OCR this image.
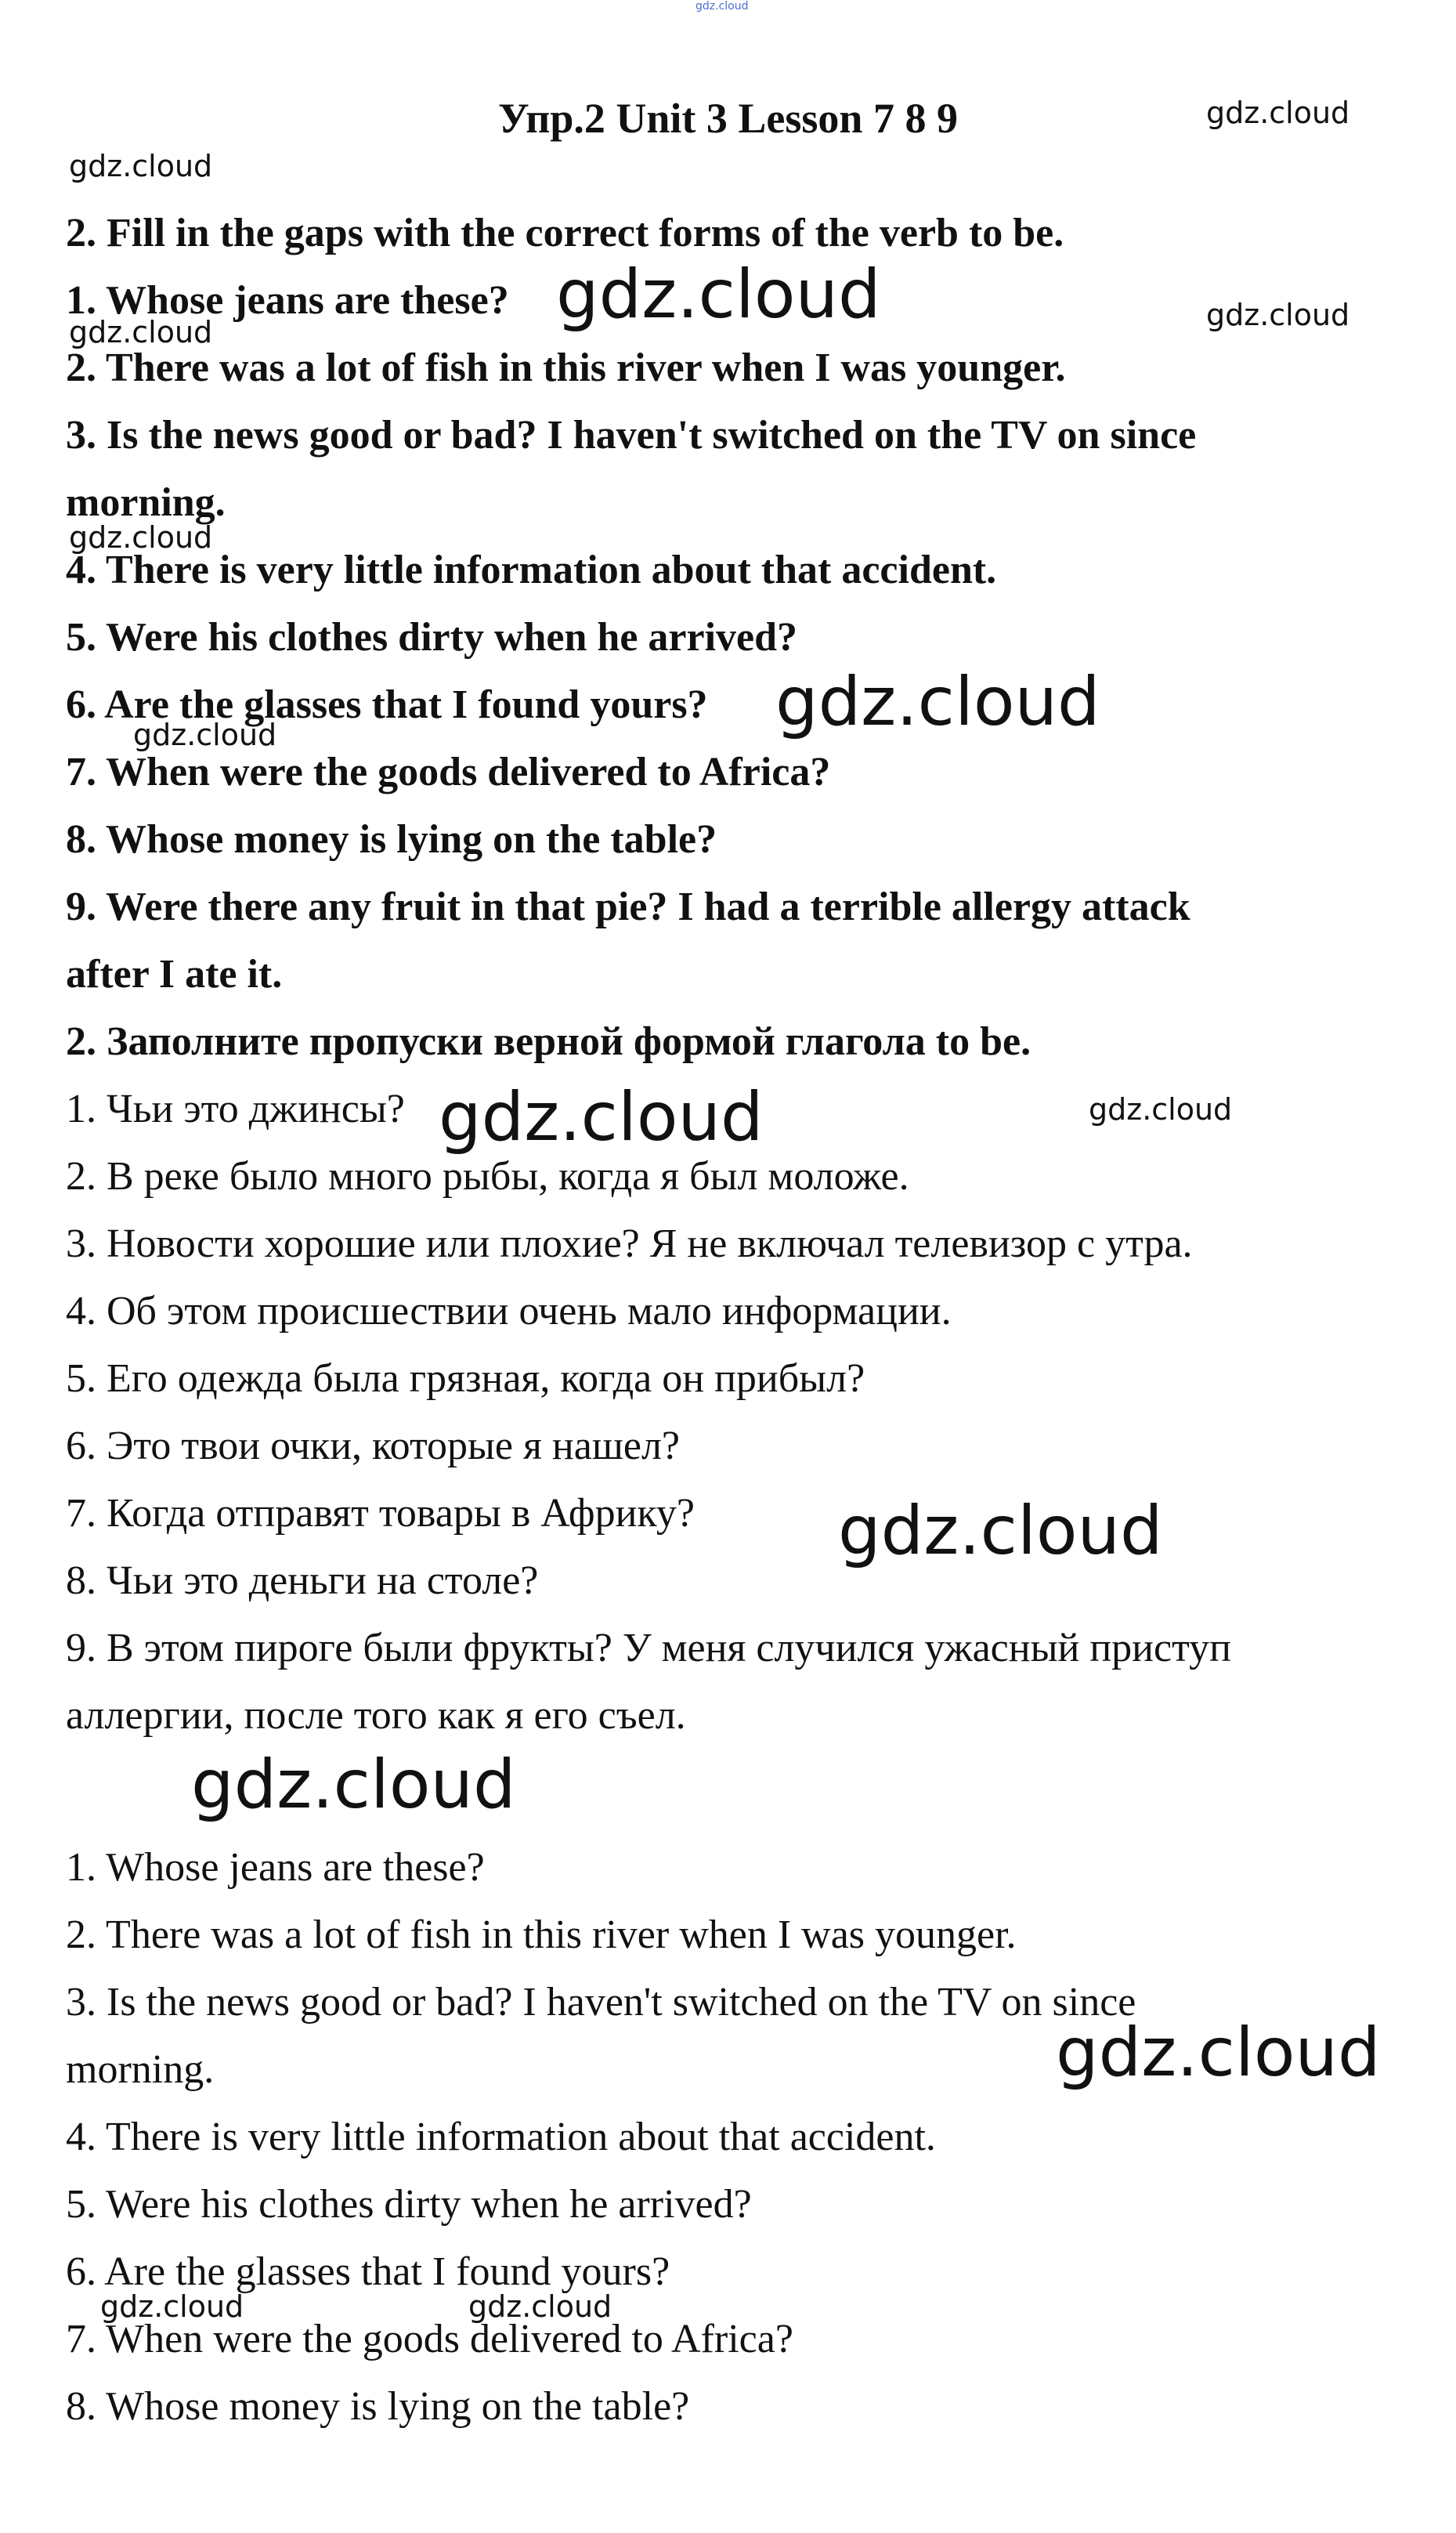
gdz.cloud
Упр.2 Unit 3 Lesson 7 8 9
2. Fill in the gaps with the correct forms of the verb to be.
1. Whose jeans are these?
2. There was a lot of fish in this river when I was younger.
3. Is the news good or bad? I haven't switched on the TV on since
morning.
4. There is very little information about that accident.
5. Were his clothes dirty when he arrived?
6. Are the glasses that I found yours?
7. When were the goods delivered to Africa?
8. Whose money is lying on the table?
9. Were there any fruit in that pie? I had a terrible allergy attack
after I ate it.
2. Заполните пропуски верной формой глагола to be.
1. Чьи это джинсы?
2. В реке было много рыбы, когда я был моложе.
3. Новости хорошие или плохие? Я не включал телевизор с утра.
4. Об этом происшествии очень мало информации.
5. Его одежда была грязная, когда он прибыл?
6. Это твои очки, которые я нашел?
7. Когда отправят товары в Африку?
8. Чьи это деньги на столе?
9. В этом пироге были фрукты? У меня случился ужасный приступ
аллергии, после того как я его съел.
1. Whose jeans are these?
2. There was a lot of fish in this river when I was younger.
3. Is the news good or bad? I haven't switched on the TV on since
morning.
4. There is very little information about that accident.
5. Were his clothes dirty when he arrived?
6. Are the glasses that I found yours?
7. When were the goods delivered to Africa?
8. Whose money is lying on the table?
gdz.cloud
gdz.cloud
gdz.cloud	gdz.cloud
gdz.cloud
gdz.cloud
gdz.cloud
gdz.cloud
gdz.cloud	gdz.cloud
gdz.cloud
gdz.cloud
gdz.cloud
gdz.cloud	gdz.cloud
